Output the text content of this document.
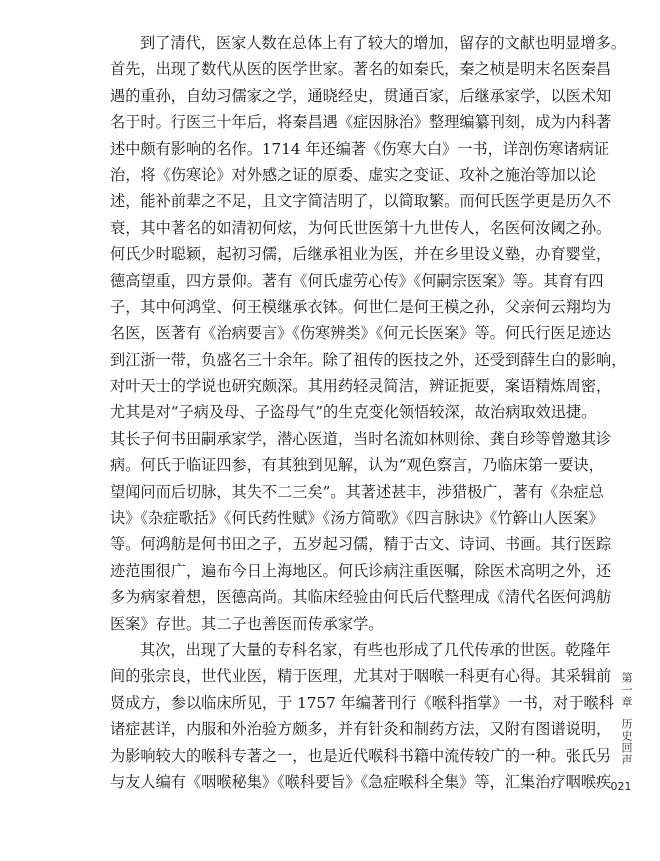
到了清代，医家人数在总体上有了较大的增加，留存的文献也明显增多。
首先，出现了数代从医的医学世家。著名的如秦氏，秦之桢是明末名医秦昌
遇的重孙，自幼习儒家之学，通晓经史，贯通百家，后继承家学，以医术知
名于时。行医三十年后，将秦昌遇《症因脉治》整理编纂刊刻，成为内科著
述中颇有影响的名作。1714 年还编著《伤寒大白》一书，详剖伤寒诸病证
治，将《伤寒论》对外感之证的原委、虚实之变证、攻补之施治等加以论
述，能补前辈之不足，且文字简洁明了，以简取繁。而何氏医学更是历久不
衰，其中著名的如清初何炫，为何氏世医第十九世传人，名医何汝阈之孙。
何氏少时聪颖，起初习儒，后继承祖业为医，并在乡里设义塾，办育婴堂，
德高望重，四方景仰。著有《何氏虚劳心传》《何嗣宗医案》等。其育有四
子，其中何鸿堂、何王模继承衣钵。何世仁是何王模之孙，父亲何云翔均为
名医，医著有《治病要言》《伤寒辨类》《何元长医案》等。何氏行医足迹达
到江浙一带，负盛名三十余年。除了祖传的医技之外，还受到薛生白的影响，
对叶天士的学说也研究颇深。其用药轻灵简洁，辨证扼要，案语精炼周密，
尤其是对“子病及母、子盗母气”的生克变化领悟较深，故治病取效迅捷。
其长子何书田嗣承家学，潜心医道，当时名流如林则徐、龚自珍等曾邀其诊
病。何氏于临证四参，有其独到见解，认为“观色察言，乃临床第一要诀，
望闻问而后切脉，其失不二三矣”。其著述甚丰，涉猎极广，著有《杂症总
诀》《杂症歌括》《何氏药性赋》《汤方简歌》《四言脉诀》《竹簳山人医案》
等。何鸿舫是何书田之子，五岁起习儒，精于古文、诗词、书画。其行医踪
迹范围很广，遍布今日上海地区。何氏诊病注重医嘱，除医术高明之外，还
多为病家着想，医德高尚。其临床经验由何氏后代整理成《清代名医何鸿舫
医案》存世。其二子也善医而传承家学。
其次，出现了大量的专科名家，有些也形成了几代传承的世医。乾隆年
间的张宗良，世代业医，精于医理，尤其对于咽喉一科更有心得。其采辑前
贤成方，参以临床所见，于 1757 年编著刊行《喉科指掌》一书，对于喉科
诸症甚详，内服和外治验方颇多，并有针灸和制药方法，又附有图谱说明，
为影响较大的喉科专著之一，也是近代喉科书籍中流传较广的一种。张氏另
与友人编有《咽喉秘集》《喉科要旨》《急症喉科全集》等，汇集治疗咽喉疾
第一章
历史回声
021
